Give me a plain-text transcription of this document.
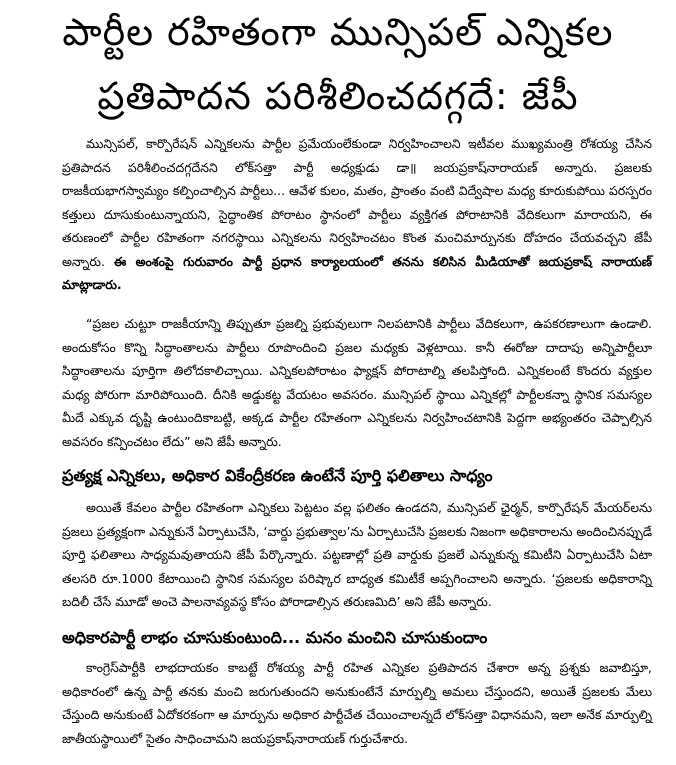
పార్టీల రహితంగా మున్సిపల్ ఎన్నికల
ప్రతిపాదన పరిశీలించదగ్గదే: జేపీ

మున్సిపల్, కార్పొరేషన్ ఎన్నికలను పార్టీల ప్రమేయంలేకుండా నిర్వహించాలని ఇటీవల ముఖ్యమంత్రి రోశయ్య చేసిన ప్రతిపాదన పరిశీలించదగ్గదేనని లోక్‌సత్తా పార్టీ అధ్యక్షుడు డా॥ జయప్రకాష్‌నారాయణ్ అన్నారు. ప్రజలకు రాజకీయభాగస్వామ్యం కల్పించాల్సిన పార్టీలు... ఆవేళ కులం, మతం, ప్రాంతం వంటి విద్వేషాల మధ్య కూరుకుపోయి పరస్పరం కత్తులు దూసుకుంటున్నాయని, సైద్ధాంతిక పోరాటం స్థానంలో పార్టీలు వ్యక్తిగత పోరాటానికి వేదికలుగా మారాయని, ఈ తరుణంలో పార్టీల రహితంగా నగరస్థాయి ఎన్నికలను నిర్వహించటం కొంత మంచిమార్పునకు దోహదం చేయవచ్చని జేపీ అన్నారు. ఈ అంశంపై గురువారం పార్టీ ప్రధాన కార్యాలయంలో తనను కలిసిన మీడియాతో జయప్రకాష్ నారాయణ్ మాట్లాడారు.

“ప్రజల చుట్టూ రాజకీయాన్ని తిప్పుతూ ప్రజల్ని ప్రభువులుగా నిలపటానికి పార్టీలు వేదికలుగా, ఉపకరణాలుగా ఉండాలి. అందుకోసం కొన్ని సిద్ధాంతాలను పార్టీలు రూపొందించి ప్రజల మధ్యకు వెళ్లటాయి. కానీ ఈరోజు దాదాపు అన్నిపార్టీలూ సిద్ధాంతాలను పూర్తిగా తిలోదకాలిచ్చాయి. ఎన్నికలపోరాటం ఫ్యాక్షన్ పోరాటాల్ని తలపిస్తోంది. ఎన్నికలంటే కొందరు వ్యక్తుల మధ్య పోరుగా మారిపోయింది. దీనికి అడ్డుకట్ట వేయటం అవసరం. మున్సిపల్ స్థాయి ఎన్నికల్లో పార్టీలకన్నా స్థానిక సమస్యల మీదే ఎక్కువ దృష్టి ఉంటుందికాబట్టి, అక్కడ పార్టీల రహితంగా ఎన్నికలను నిర్వహించటానికి పెద్దగా అభ్యంతరం చెప్పాల్సిన అవసరం కన్పించటం లేదు” అని జేపీ అన్నారు.

ప్రత్యక్ష ఎన్నికలు, అధికార వికేంద్రీకరణ ఉంటేనే పూర్తి ఫలితాలు సాధ్యం

అయితే కేవలం పార్టీల రహితంగా ఎన్నికలు పెట్టటం వల్ల ఫలితం ఉండదని, మున్సిపల్ ఛైర్మన్, కార్పొరేషన్ మేయర్‌లను ప్రజలు ప్రత్యక్షంగా ఎన్నుకునే ఏర్పాటుచేసి, ‘వార్డు ప్రభుత్వాల’ను ఏర్పాటుచేసి ప్రజలకు నిజంగా అధికారాలను అందించినప్పుడే పూర్తి ఫలితాలు సాధ్యమవుతాయని జేపీ పేర్కొన్నారు. పట్టణాల్లో ప్రతి వార్డుకు ప్రజలే ఎన్నుకున్న కమిటీని ఏర్పాటుచేసి ఏటా తలసరి రూ.1000 కేటాయించి స్థానిక సమస్యల పరిష్కార బాధ్యత కమిటీకే అప్పగించాలని అన్నారు. ‘ప్రజలకు అధికారాన్ని బదిలీ చేసే మూడో అంచె పాలనావ్యవస్థ కోసం పోరాడాల్సిన తరుణమిది’ అని జేపీ అన్నారు.

అధికారపార్టీ లాభం చూసుకుంటుంది... మనం మంచిని చూసుకుందాం

కాంగ్రెస్‌పార్టీకి లాభదాయకం కాబట్టే రోశయ్య పార్టీ రహిత ఎన్నికల ప్రతిపాదన చేశారా అన్న ప్రశ్నకు జవాబిస్తూ, అధికారంలో ఉన్న పార్టీ తనకు మంచి జరుగుతుందని అనుకుంటేనే మార్పుల్ని అమలు చేస్తుందని, అయితే ప్రజలకు మేలు చేస్తుంది అనుకుంటే ఏదోకరకంగా ఆ మార్పును అధికార పార్టీచేత చేయించాలన్నదే లోక్‌సత్తా విధానమని, ఇలా అనేక మార్పుల్ని జాతీయస్థాయిలో సైతం సాధించామని జయప్రకాష్‌నారాయణ్ గుర్తుచేశారు.
